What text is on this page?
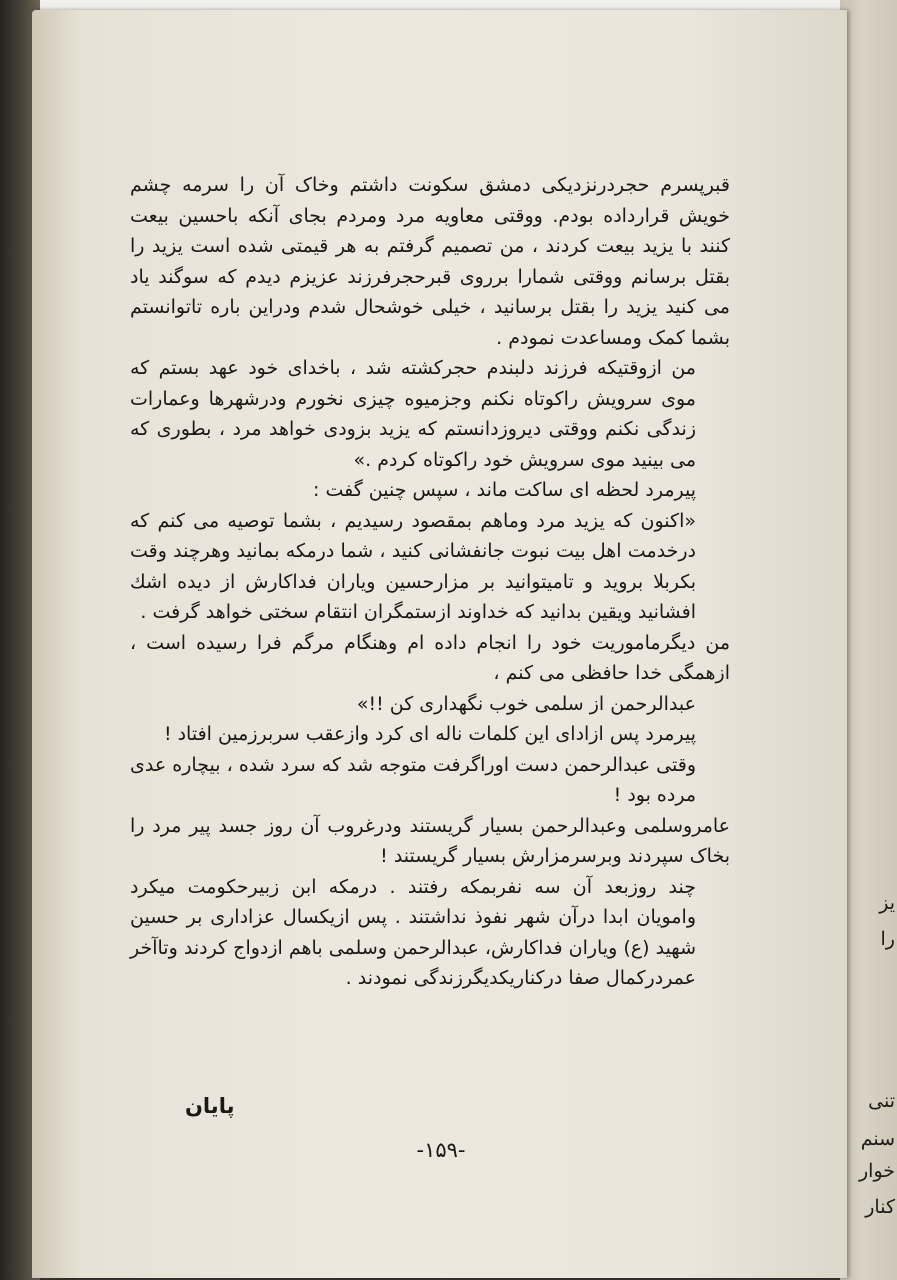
یز
را
تنی
سنم
خوار
کنار

قبرپسرم حجردرنزدیکی دمشق سکونت داشتم وخاک آن را سرمه چشم خویش قرارداده بودم. ووقتی معاویه مرد ومردم بجای آنکه باحسین بیعت کنند با یزید بیعت کردند ، من تصمیم گرفتم به هر قیمتی شده است یزید را بقتل برسانم ووقتی شمارا برروی قبرحجرفرزند عزیزم دیدم که سوگند یاد می کنید یزید را بقتل برسانید ، خیلی خوشحال شدم ودراین باره تاتوانستم بشما کمک ومساعدت نمودم .

من ازوقتیکه فرزند دلبندم حجرکشته شد ، باخدای خود عهد بستم که موی سرویش راکوتاه نکنم وجزمیوه چیزی نخورم ودرشهرها وعمارات زندگی نکنم ووقتی دیروزدانستم که یزید بزودی خواهد مرد ، بطوری که می بینید موی سرویش خود راکوتاه کردم .»

پیرمرد لحظه ای ساکت ماند ، سپس چنین گفت :

«اکنون که یزید مرد وماهم بمقصود رسیدیم ، بشما توصیه می کنم که درخدمت اهل بیت نبوت جانفشانی کنید ، شما درمکه بمانید وهرچند وقت بکربلا بروید و تامیتوانید بر مزارحسین ویاران فداکارش از دیده اشك افشانید ویقین بدانید که خداوند ازستمگران انتقام سختی خواهد گرفت .

من دیگرماموریت خود را انجام داده ام وهنگام مرگم فرا رسیده است ، ازهمگی خدا حافظی می کنم ،

عبدالرحمن از سلمی خوب نگهداری کن !!»

پیرمرد پس ازادای این کلمات ناله ای کرد وازعقب سربرزمین افتاد !

وقتی عبدالرحمن دست اوراگرفت متوجه شد که سرد شده ، بیچاره عدی مرده بود !

عامروسلمی وعبدالرحمن بسیار گریستند ودرغروب آن روز جسد پیر مرد را بخاک سپردند وبرسرمزارش بسیار گریستند !

چند روزبعد آن سه نفربمکه رفتند . درمکه ابن زبیرحکومت میکرد وامویان ابدا درآن شهر نفوذ نداشتند . پس ازیکسال عزاداری بر حسین شهید (ع) ویاران فداکارش، عبدالرحمن وسلمی باهم ازدواج کردند وتاآخر عمردرکمال صفا درکناریکدیگرزندگی نمودند .

پایان
-۱۵۹-
